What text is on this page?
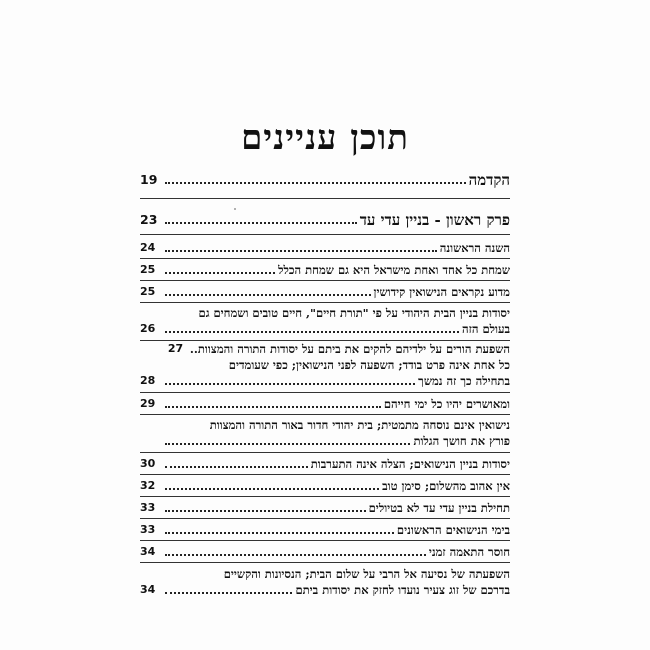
תוכן עניינים
הקדמה
19
פרק ראשון - בניין עדי עד
23
השנה הראשונה
24
שמחת כל אחד ואחת מישראל היא גם שמחת הכלל
25
מדוע נקראים הנישואין קידושין
25
יסודות בניין הבית היהודי על פי "תורת חיים", חיים טובים ושמחים גם
בעולם הזה
26
השפעת הורים על ילדיהם להקים את ביתם על יסודות התורה והמצוות..
27
כל אחת אינה פרט בודד; השפעה לפני הנישואין; כפי שעומדים
בתחילה כך זה נמשך
28
ומאושרים יהיו כל ימי חייהם
29
נישואין אינם נוסחה מתמטית; בית יהודי חדור באור התורה והמצוות
פורץ את חושך הגלות
יסודות בניין הנישואים; הצלה אינה התערבות
30
אין אהוב מהשלום; סימן טוב
32
תחילת בניין עדי עד לא בטיולים
33
בימי הנישואים הראשונים
33
חוסר התאמה זמני
34
השפעתה של נסיעה אל הרבי על שלום הבית; הנסיונות והקשיים
בדרכם של זוג צעיר נועדו לחזק את יסודות ביתם
34
